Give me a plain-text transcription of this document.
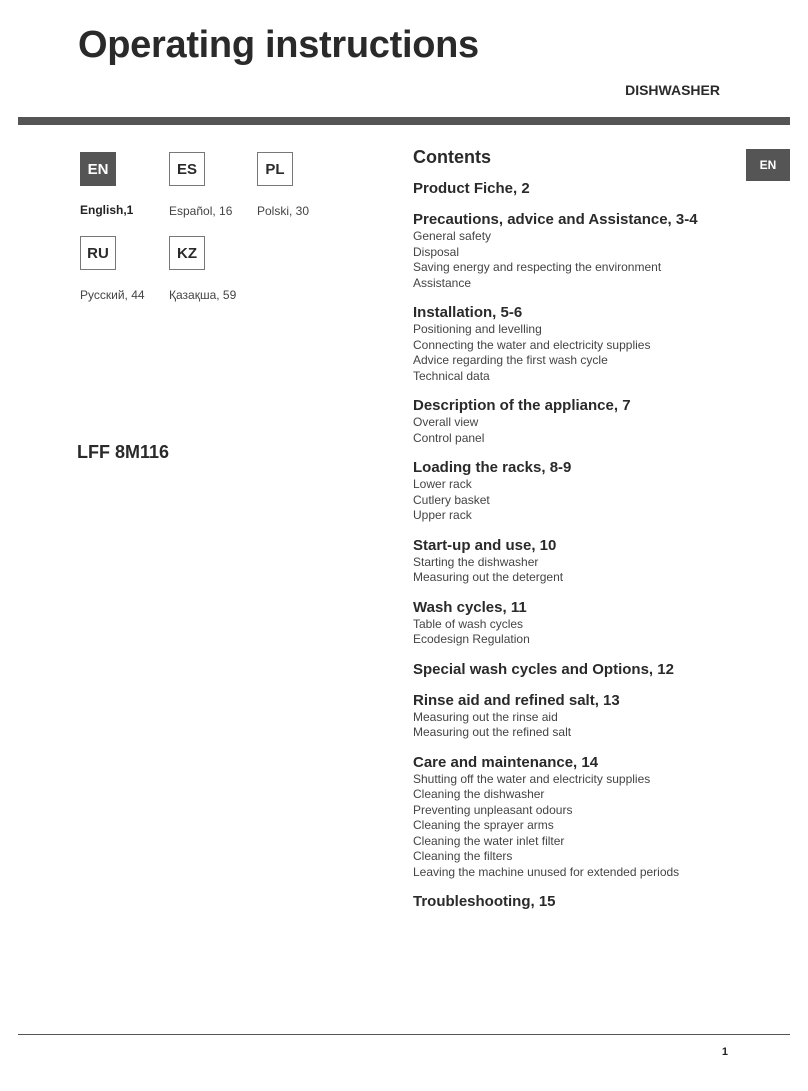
Operating instructions
DISHWASHER
EN
EN
English,1
ES
Español, 16
PL
Polski, 30
RU
Русский, 44
KZ
Қазақша, 59
LFF 8M116
Contents
Product Fiche, 2
Precautions, advice and Assistance, 3-4
General safety
Disposal
Saving energy and respecting the environment
Assistance
Installation, 5-6
Positioning and levelling
Connecting the water and electricity supplies
Advice regarding the first wash cycle
Technical data
Description of the appliance, 7
Overall view
Control panel
Loading the racks, 8-9
Lower rack
Cutlery basket
Upper rack
Start-up and use, 10
Starting the dishwasher
Measuring out the detergent
Wash cycles, 11
Table of wash cycles
Ecodesign Regulation
Special wash cycles and Options, 12
Rinse aid and refined salt, 13
Measuring out the rinse aid
Measuring out the refined salt
Care and maintenance, 14
Shutting off the water and electricity supplies
Cleaning the dishwasher
Preventing unpleasant odours
Cleaning the sprayer arms
Cleaning the water inlet filter
Cleaning the filters
Leaving the machine unused for extended periods
Troubleshooting, 15
1
